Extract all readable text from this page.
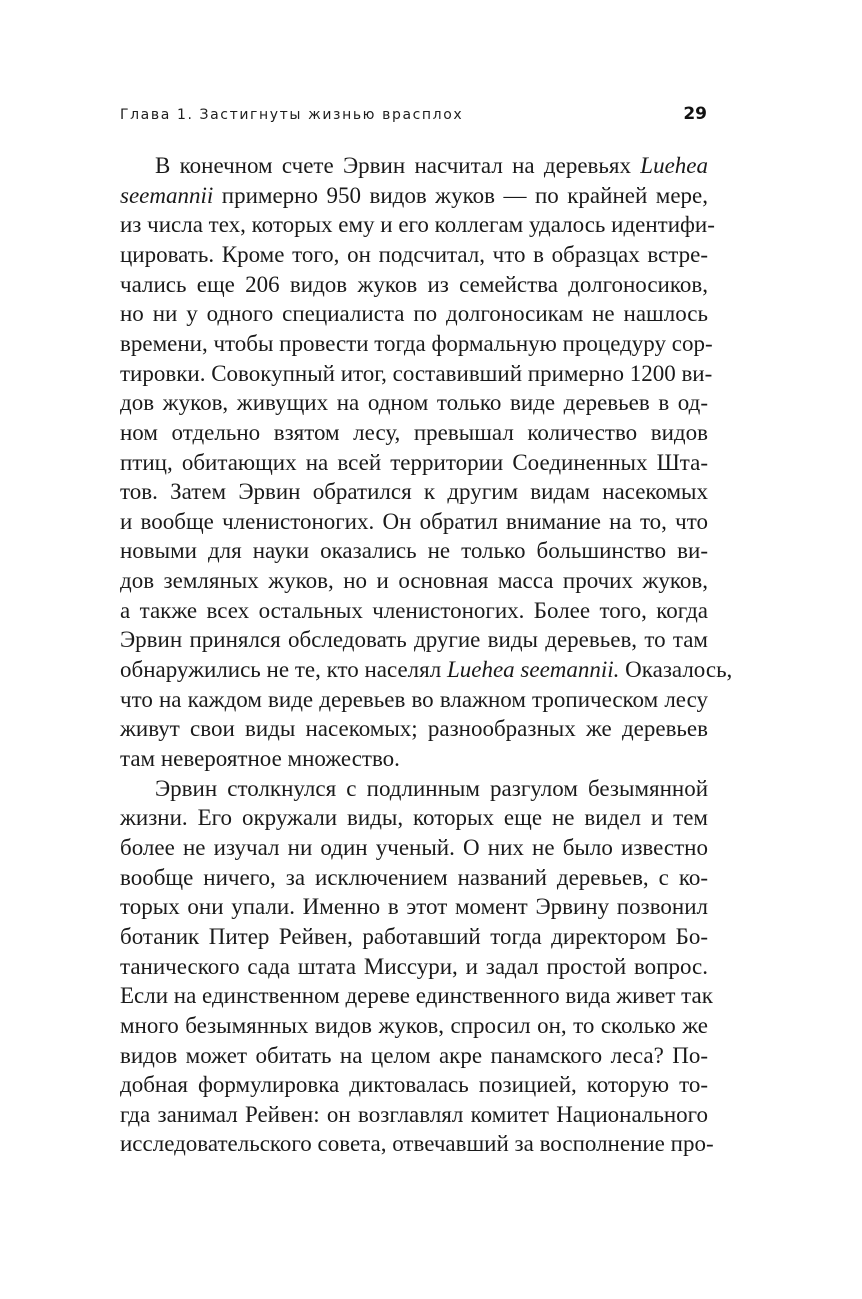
Глава 1. Застигнуты жизнью врасплох	29
В конечном счете Эрвин насчитал на деревьях Luehea
seemannii примерно 950 видов жуков — по крайней мере,
из числа тех, которых ему и его коллегам удалось идентифи-
цировать. Кроме того, он подсчитал, что в образцах встре-
чались еще 206 видов жуков из семейства долгоносиков,
но ни у одного специалиста по долгоносикам не нашлось
времени, чтобы провести тогда формальную процедуру сор-
тировки. Совокупный итог, составивший примерно 1200 ви-
дов жуков, живущих на одном только виде деревьев в од-
ном отдельно взятом лесу, превышал количество видов
птиц, обитающих на всей территории Соединенных Шта-
тов. Затем Эрвин обратился к другим видам насекомых
и вообще членистоногих. Он обратил внимание на то, что
новыми для науки оказались не только большинство ви-
дов земляных жуков, но и основная масса прочих жуков,
а также всех остальных членистоногих. Более того, когда
Эрвин принялся обследовать другие виды деревьев, то там
обнаружились не те, кто населял Luehea seemannii. Оказалось,
что на каждом виде деревьев во влажном тропическом лесу
живут свои виды насекомых; разнообразных же деревьев
там невероятное множество.
Эрвин столкнулся с подлинным разгулом безымянной
жизни. Его окружали виды, которых еще не видел и тем
более не изучал ни один ученый. О них не было известно
вообще ничего, за исключением названий деревьев, с ко-
торых они упали. Именно в этот момент Эрвину позвонил
ботаник Питер Рейвен, работавший тогда директором Бо-
танического сада штата Миссури, и задал простой вопрос.
Если на единственном дереве единственного вида живет так
много безымянных видов жуков, спросил он, то сколько же
видов может обитать на целом акре панамского леса? По-
добная формулировка диктовалась позицией, которую то-
гда занимал Рейвен: он возглавлял комитет Национального
исследовательского совета, отвечавший за восполнение про-
